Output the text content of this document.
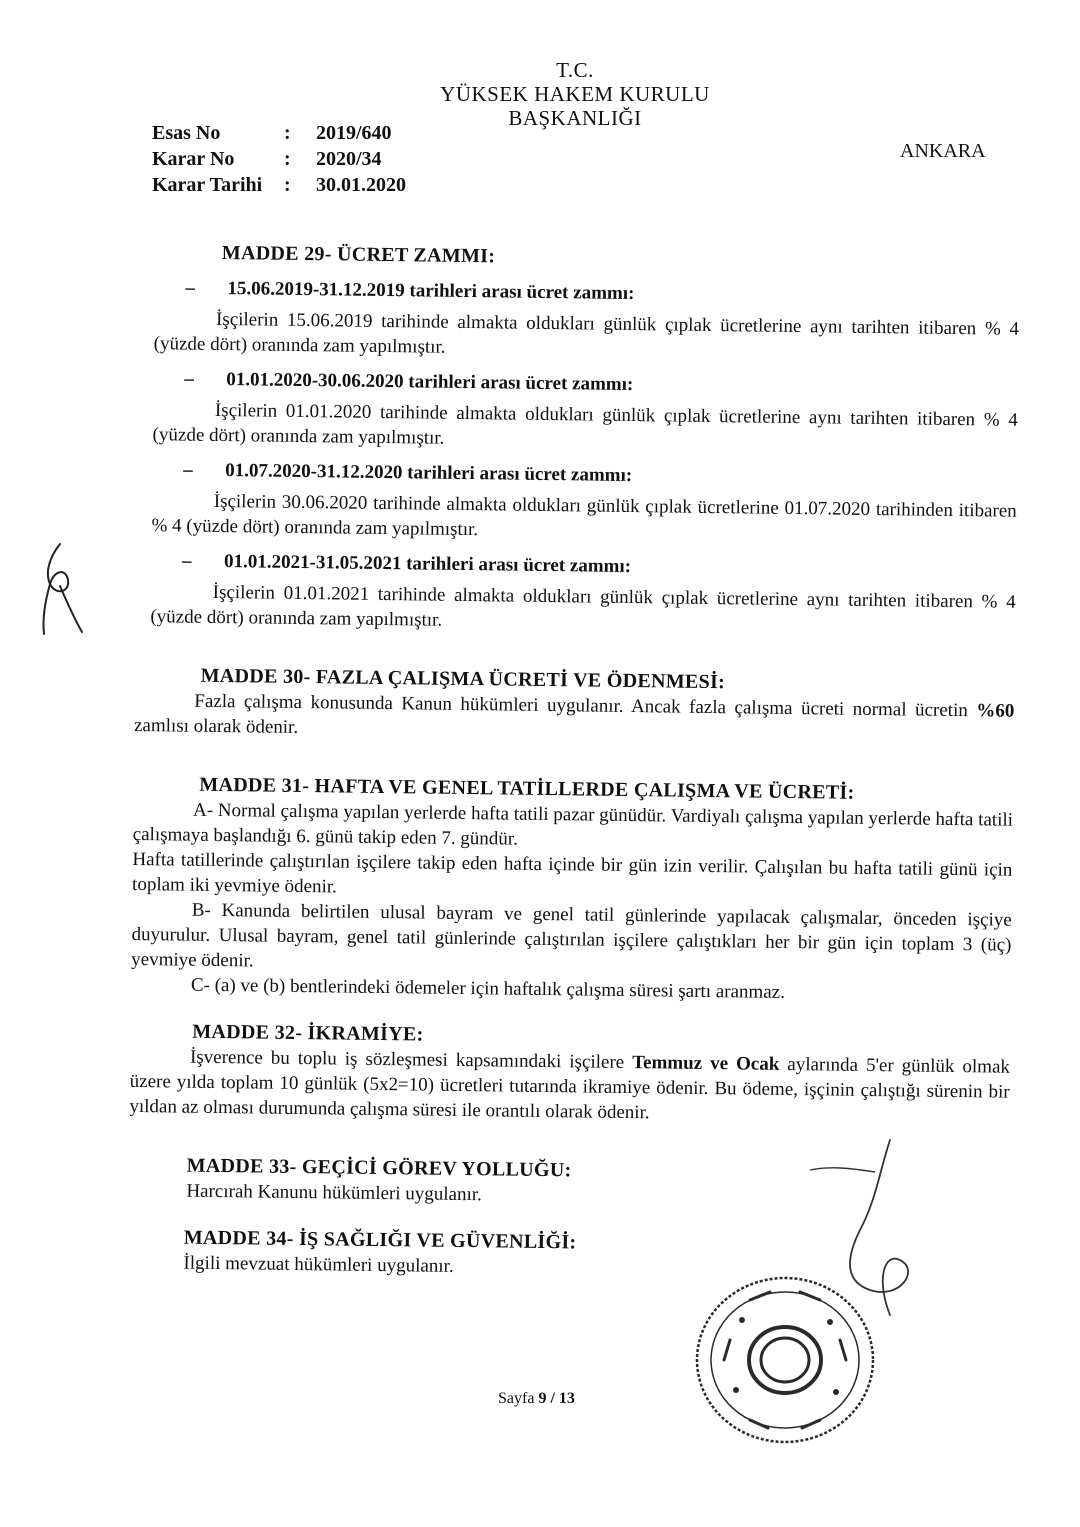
T.C.
YÜKSEK HAKEM KURULU
BAŞKANLIĞI
Esas No	:	2019/640
Karar No	:	2020/34
Karar Tarihi	:	30.01.2020
ANKARA
MADDE 29- ÜCRET ZAMMI:
–	15.06.2019-31.12.2019 tarihleri arası ücret zammı:
İşçilerin 15.06.2019 tarihinde almakta oldukları günlük çıplak ücretlerine aynı tarihten itibaren % 4 (yüzde dört) oranında zam yapılmıştır.
–	01.01.2020-30.06.2020 tarihleri arası ücret zammı:
İşçilerin 01.01.2020 tarihinde almakta oldukları günlük çıplak ücretlerine aynı tarihten itibaren % 4 (yüzde dört) oranında zam yapılmıştır.
–	01.07.2020-31.12.2020 tarihleri arası ücret zammı:
İşçilerin 30.06.2020 tarihinde almakta oldukları günlük çıplak ücretlerine 01.07.2020 tarihinden itibaren % 4 (yüzde dört) oranında zam yapılmıştır.
–	01.01.2021-31.05.2021 tarihleri arası ücret zammı:
İşçilerin 01.01.2021 tarihinde almakta oldukları günlük çıplak ücretlerine aynı tarihten itibaren % 4 (yüzde dört) oranında zam yapılmıştır.
MADDE 30- FAZLA ÇALIŞMA ÜCRETİ VE ÖDENMESİ:
Fazla çalışma konusunda Kanun hükümleri uygulanır. Ancak fazla çalışma ücreti normal ücretin %60 zamlısı olarak ödenir.
MADDE 31- HAFTA VE GENEL TATİLLERDE ÇALIŞMA VE ÜCRETİ:
A- Normal çalışma yapılan yerlerde hafta tatili pazar günüdür. Vardiyalı çalışma yapılan yerlerde hafta tatili çalışmaya başlandığı 6. günü takip eden 7. gündür.
Hafta tatillerinde çalıştırılan işçilere takip eden hafta içinde bir gün izin verilir. Çalışılan bu hafta tatili günü için toplam iki yevmiye ödenir.
B- Kanunda belirtilen ulusal bayram ve genel tatil günlerinde yapılacak çalışmalar, önceden işçiye duyurulur. Ulusal bayram, genel tatil günlerinde çalıştırılan işçilere çalıştıkları her bir gün için toplam 3 (üç) yevmiye ödenir.
C- (a) ve (b) bentlerindeki ödemeler için haftalık çalışma süresi şartı aranmaz.
MADDE 32- İKRAMİYE:
İşverence bu toplu iş sözleşmesi kapsamındaki işçilere Temmuz ve Ocak aylarında 5'er günlük olmak üzere yılda toplam 10 günlük (5x2=10) ücretleri tutarında ikramiye ödenir. Bu ödeme, işçinin çalıştığı sürenin bir yıldan az olması durumunda çalışma süresi ile orantılı olarak ödenir.
MADDE 33- GEÇİCİ GÖREV YOLLUĞU:
Harcırah Kanunu hükümleri uygulanır.
MADDE 34- İŞ SAĞLIĞI VE GÜVENLİĞİ:
İlgili mevzuat hükümleri uygulanır.
Sayfa 9 / 13
